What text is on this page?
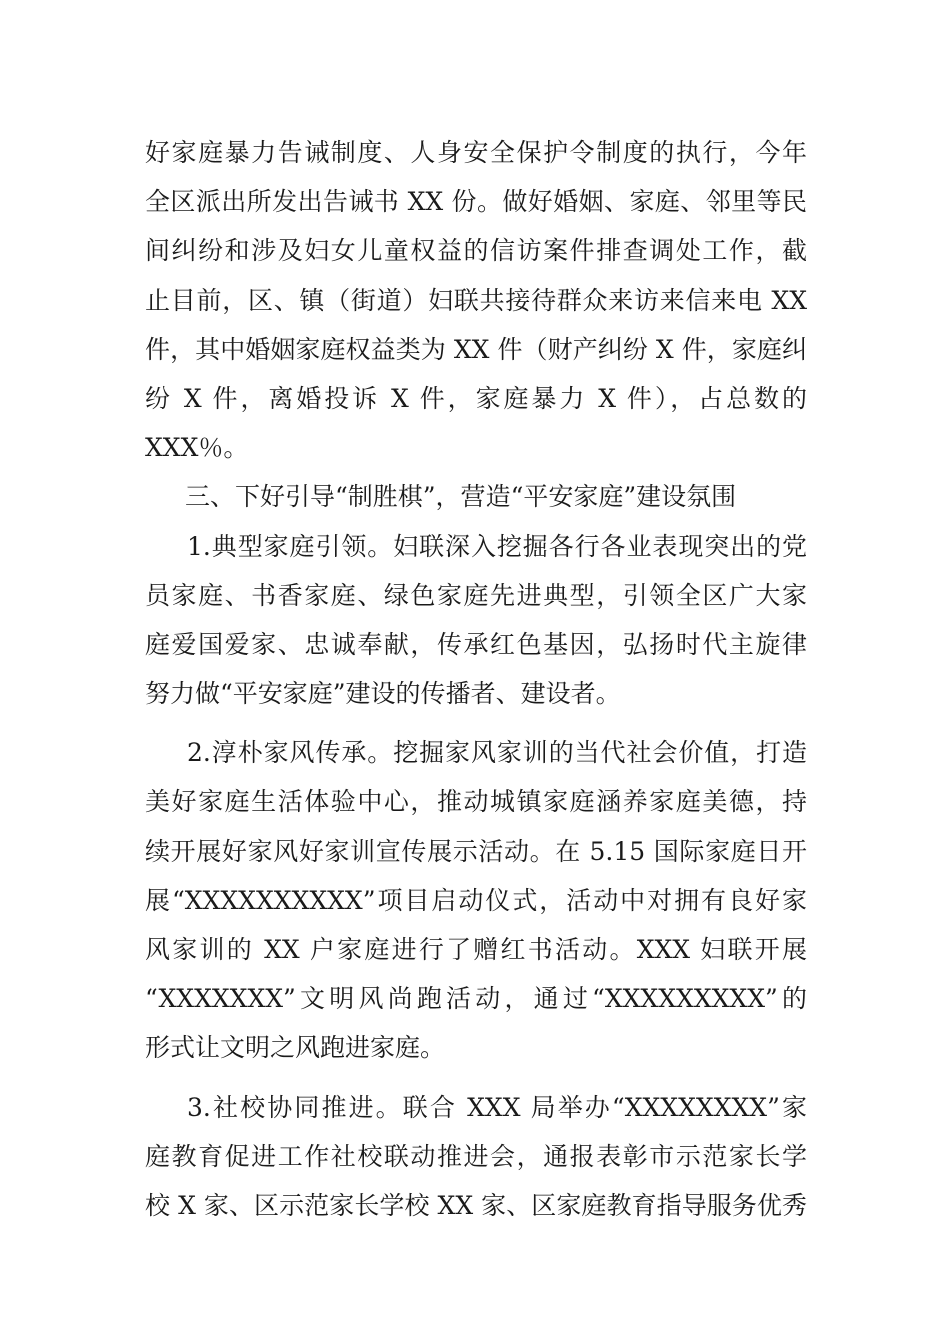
好家庭暴力告诫制度、人身安全保护令制度的执行，今年
全区派出所发出告诫书 XX 份。做好婚姻、家庭、邻里等民
间纠纷和涉及妇女儿童权益的信访案件排查调处工作，截
止目前，区、镇（街道）妇联共接待群众来访来信来电 XX
件，其中婚姻家庭权益类为 XX 件（财产纠纷 X 件，家庭纠
纷 X 件，离婚投诉 X 件，家庭暴力 X 件），占总数的
XXX％。
三、下好引导“制胜棋”，营造“平安家庭”建设氛围
1.典型家庭引领。妇联深入挖掘各行各业表现突出的党
员家庭、书香家庭、绿色家庭先进典型，引领全区广大家
庭爱国爱家、忠诚奉献，传承红色基因，弘扬时代主旋律
努力做“平安家庭”建设的传播者、建设者。
2.淳朴家风传承。挖掘家风家训的当代社会价值，打造
美好家庭生活体验中心，推动城镇家庭涵养家庭美德，持
续开展好家风好家训宣传展示活动。在 5.15 国际家庭日开
展“XXXXXXXXXX”项目启动仪式，活动中对拥有良好家
风家训的 XX 户家庭进行了赠红书活动。XXX 妇联开展
“XXXXXXX”文明风尚跑活动，通过“XXXXXXXXX”的
形式让文明之风跑进家庭。
3.社校协同推进。联合 XXX 局举办“XXXXXXXX”家
庭教育促进工作社校联动推进会，通报表彰市示范家长学
校 X 家、区示范家长学校 XX 家、区家庭教育指导服务优秀
